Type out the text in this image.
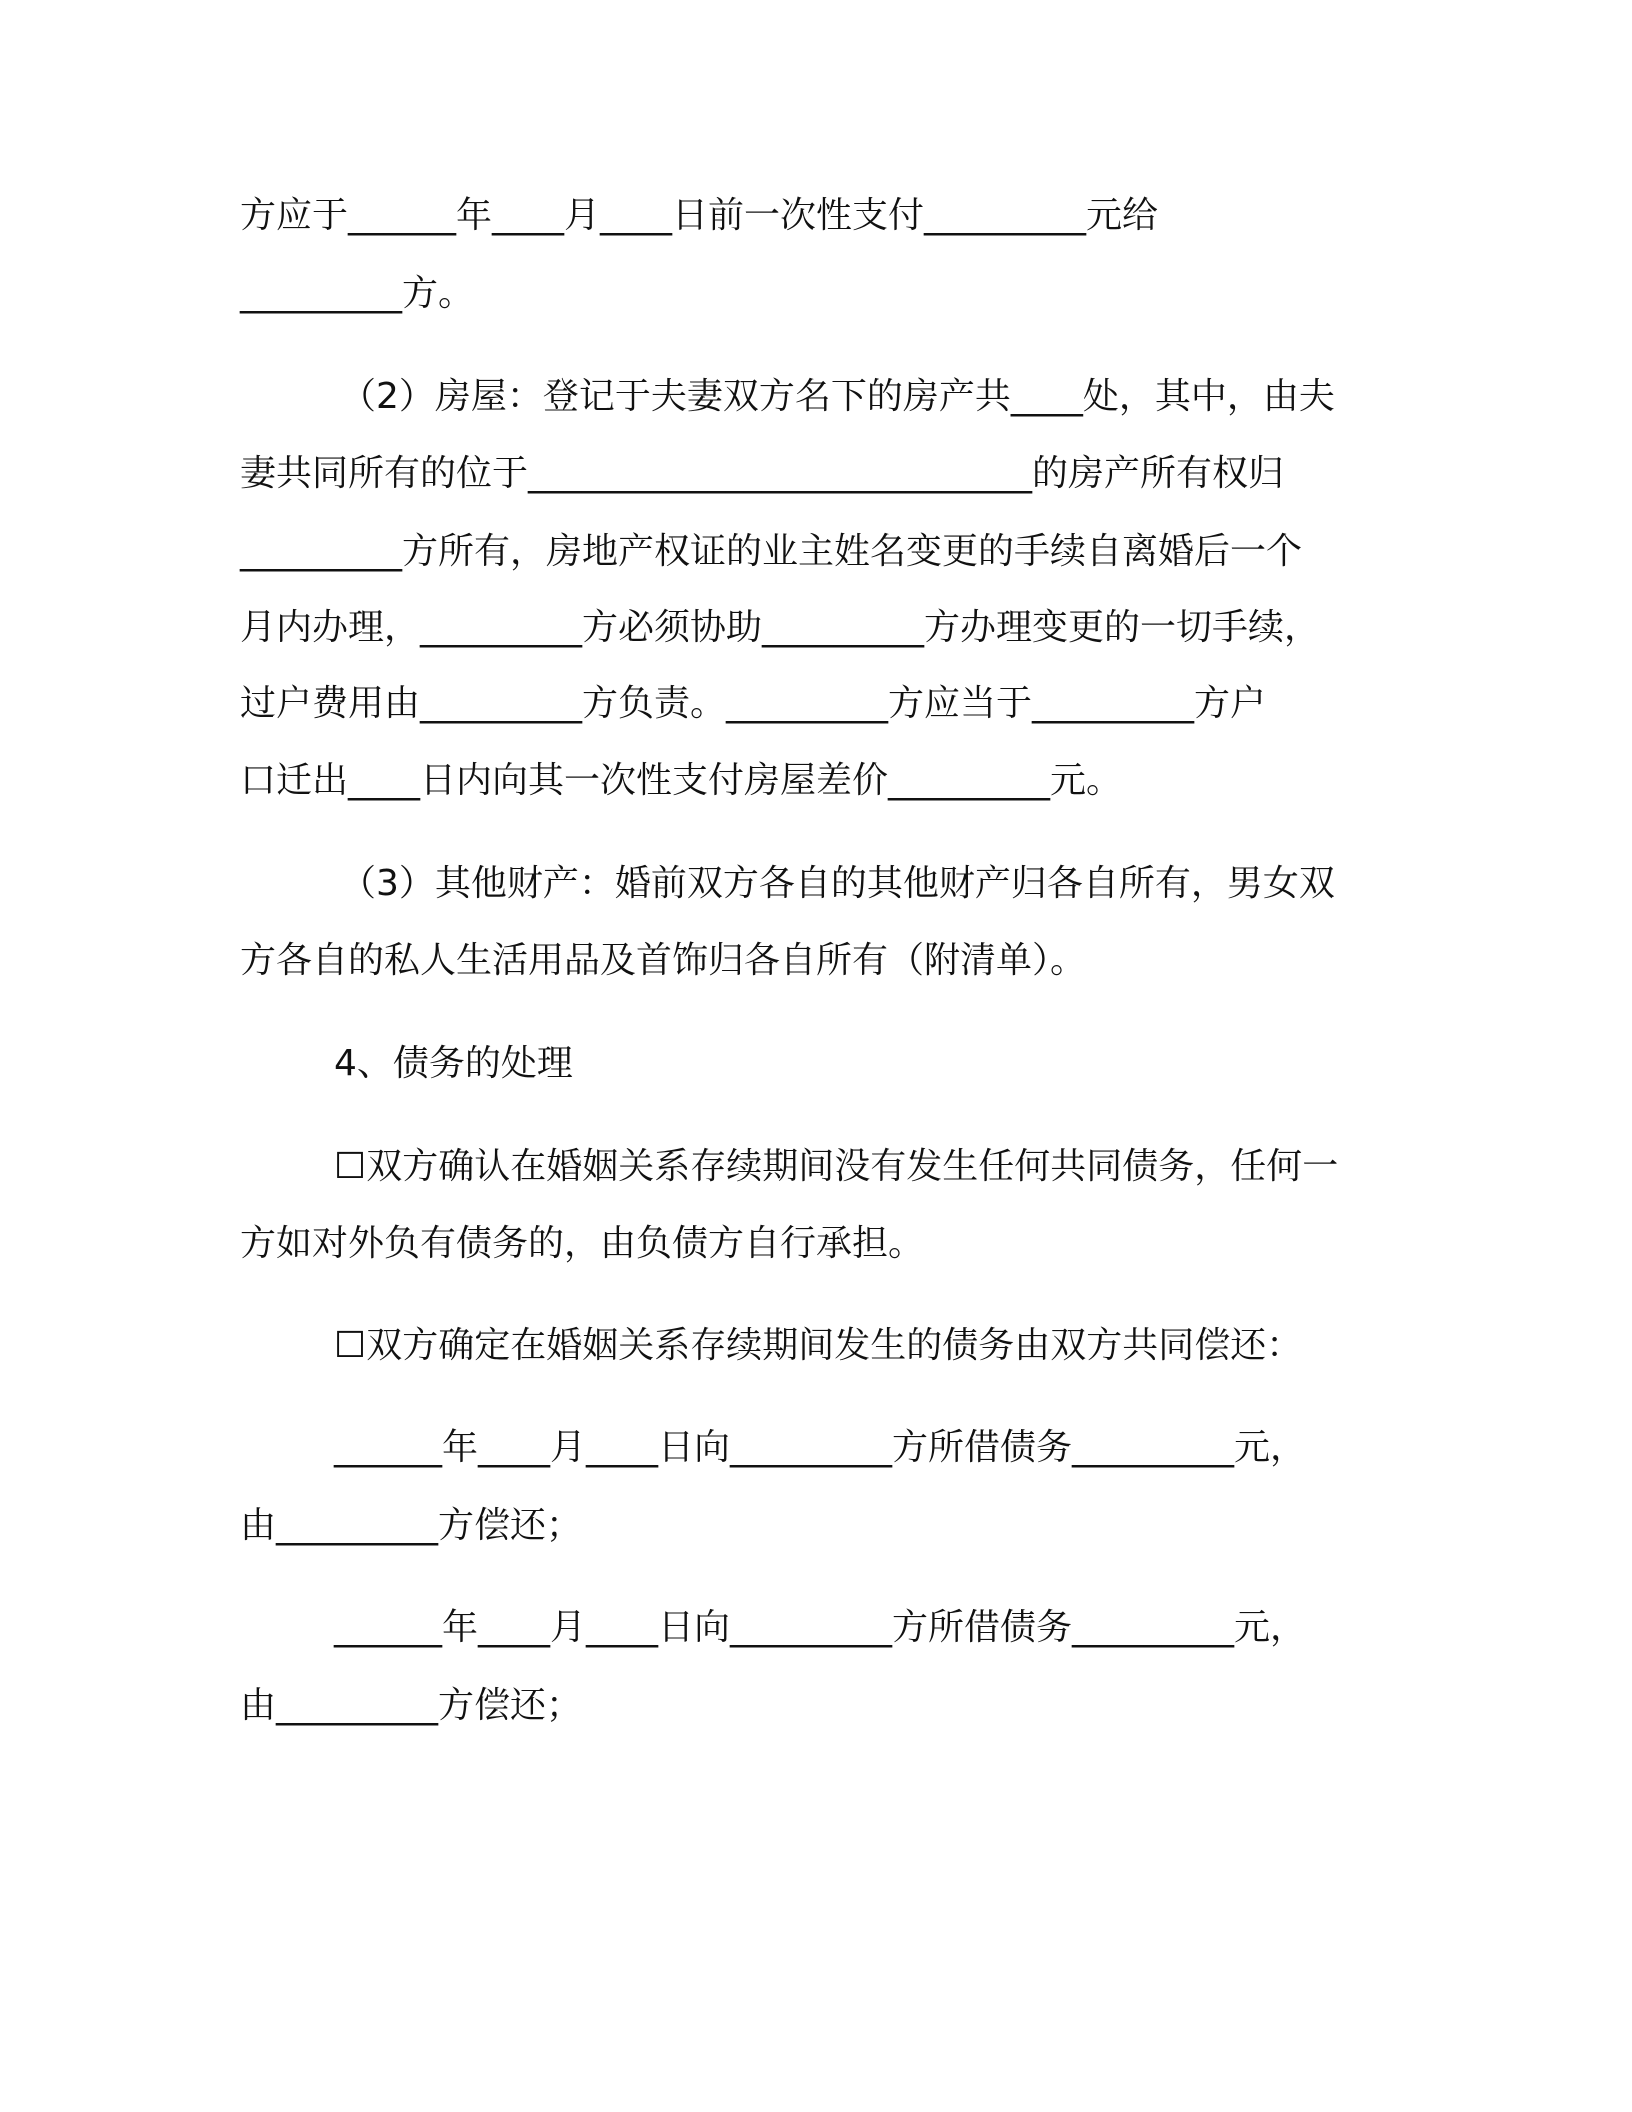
方应于______年____月____日前一次性支付_________元给
_________方。
（2）房屋：登记于夫妻双方名下的房产共____处，其中，由夫
妻共同所有的位于____________________________的房产所有权归
_________方所有，房地产权证的业主姓名变更的手续自离婚后一个
月内办理，_________方必须协助_________方办理变更的一切手续，
过户费用由_________方负责。_________方应当于_________方户
口迁出____日内向其一次性支付房屋差价_________元。
（3）其他财产：婚前双方各自的其他财产归各自所有，男女双
方各自的私人生活用品及首饰归各自所有（附清单）。
4、债务的处理
☐双方确认在婚姻关系存续期间没有发生任何共同债务，任何一
方如对外负有债务的，由负债方自行承担。
☐双方确定在婚姻关系存续期间发生的债务由双方共同偿还：
______年____月____日向_________方所借债务_________元，
由_________方偿还；
______年____月____日向_________方所借债务_________元，
由_________方偿还；
